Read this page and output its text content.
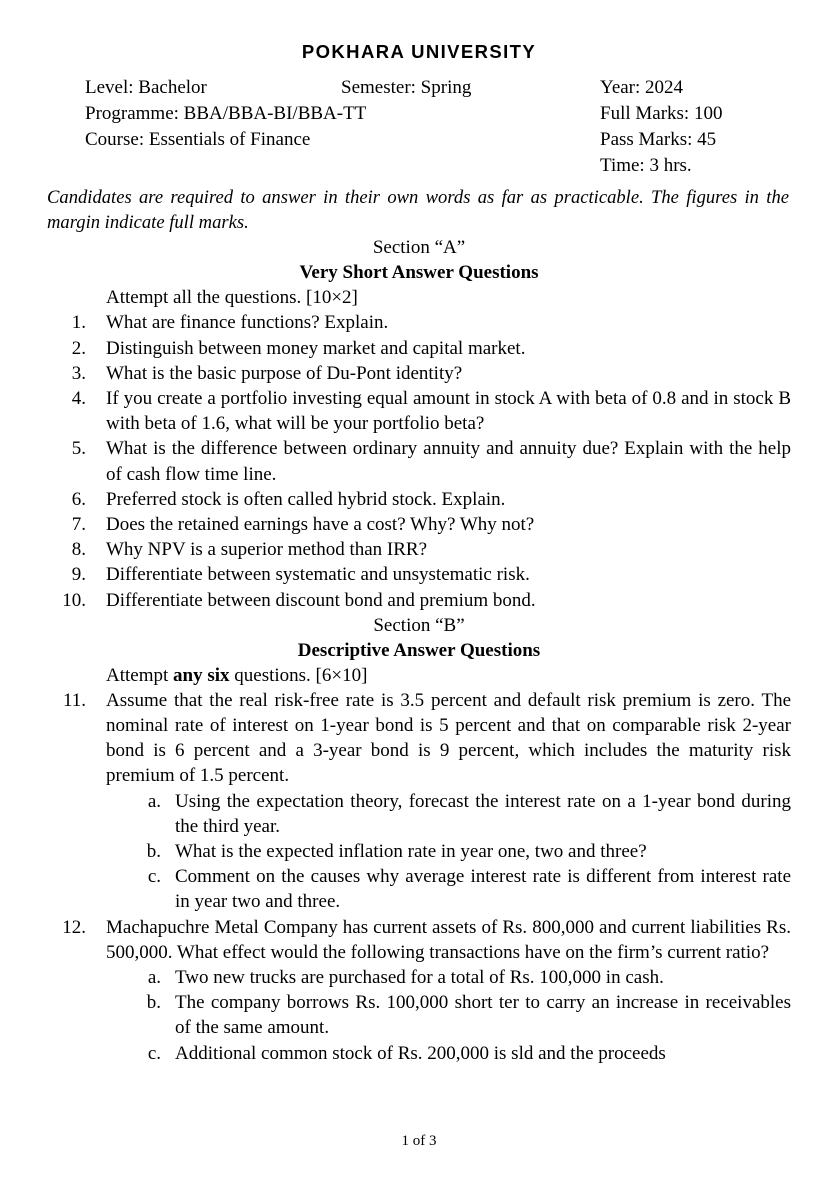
POKHARA UNIVERSITY
Level: Bachelor
Programme: BBA/BBA-BI/BBA-TT
Course: Essentials of Finance
Semester: Spring	Year: 2024
Full Marks: 100
Pass Marks: 45
Time: 3 hrs.

Candidates are required to answer in their own words as far as practicable. The figures in the margin indicate full marks.

Section “A”
Very Short Answer Questions
Attempt all the questions. [10×2]
1. What are finance functions? Explain.
2. Distinguish between money market and capital market.
3. What is the basic purpose of Du-Pont identity?
4. If you create a portfolio investing equal amount in stock A with beta of 0.8 and in stock B with beta of 1.6, what will be your portfolio beta?
5. What is the difference between ordinary annuity and annuity due? Explain with the help of cash flow time line.
6. Preferred stock is often called hybrid stock. Explain.
7. Does the retained earnings have a cost? Why? Why not?
8. Why NPV is a superior method than IRR?
9. Differentiate between systematic and unsystematic risk.
10. Differentiate between discount bond and premium bond.
Section “B”
Descriptive Answer Questions
Attempt any six questions. [6×10]
11. Assume that the real risk-free rate is 3.5 percent and default risk premium is zero. The nominal rate of interest on 1-year bond is 5 percent and that on comparable risk 2-year bond is 6 percent and a 3-year bond is 9 percent, which includes the maturity risk premium of 1.5 percent.
a. Using the expectation theory, forecast the interest rate on a 1-year bond during the third year.
b. What is the expected inflation rate in year one, two and three?
c. Comment on the causes why average interest rate is different from interest rate in year two and three.
12. Machapuchre Metal Company has current assets of Rs. 800,000 and current liabilities Rs. 500,000. What effect would the following transactions have on the firm’s current ratio?
a. Two new trucks are purchased for a total of Rs. 100,000 in cash.
b. The company borrows Rs. 100,000 short ter to carry an increase in receivables of the same amount.
c. Additional common stock of Rs. 200,000 is sld and the proceeds
1 of 3
